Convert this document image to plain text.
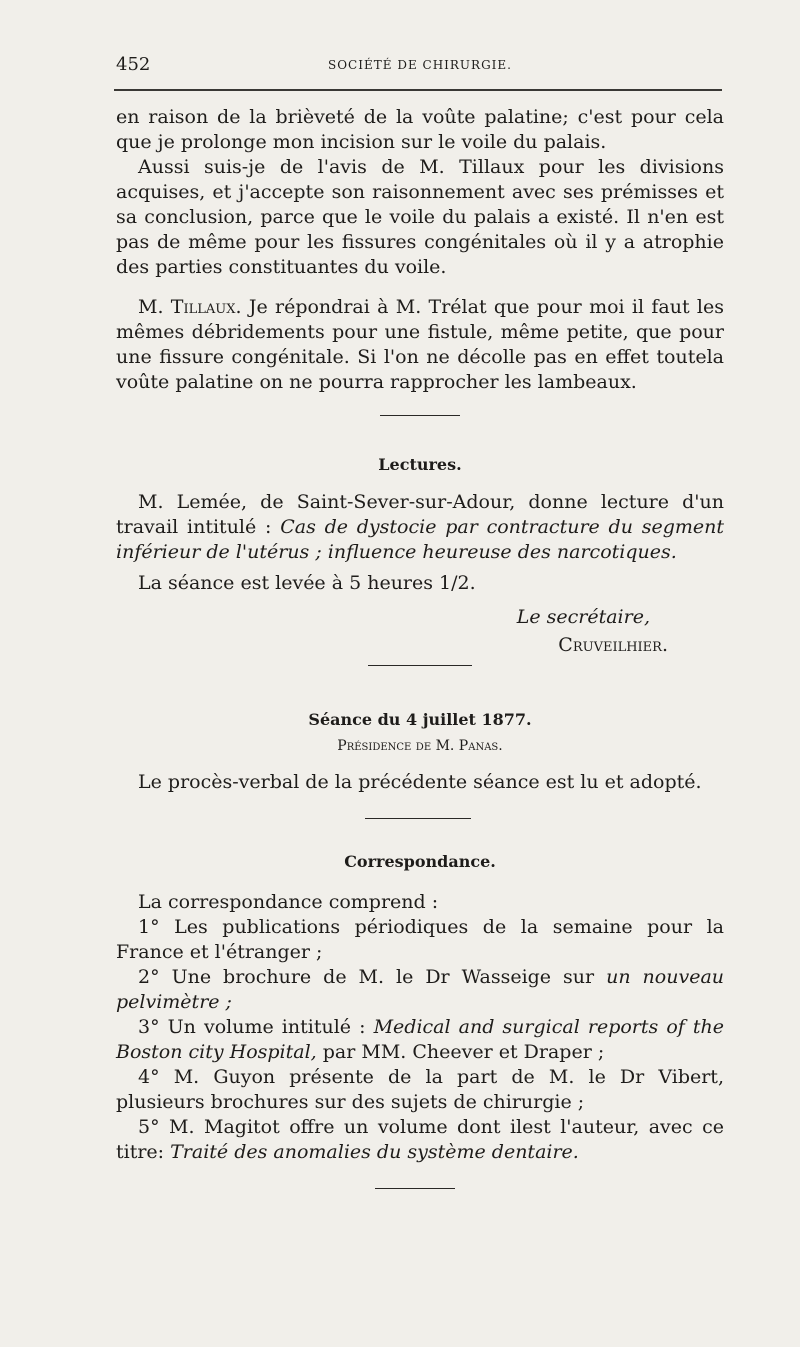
452	SOCIÉTÉ DE CHIRURGIE.

en raison de la brièveté de la voûte palatine; c'est pour cela que je prolonge mon incision sur le voile du palais.

Aussi suis-je de l'avis de M. Tillaux pour les divisions acquises, et j'accepte son raisonnement avec ses prémisses et sa conclusion, parce que le voile du palais a existé. Il n'en est pas de même pour les fissures congénitales où il y a atrophie des parties constituantes du voile.

M. Tillaux. Je répondrai à M. Trélat que pour moi il faut les mêmes débridements pour une fistule, même petite, que pour une fissure congénitale. Si l'on ne décolle pas en effet toutela voûte palatine on ne pourra rapprocher les lambeaux.

Lectures.

M. Lemée, de Saint-Sever-sur-Adour, donne lecture d'un travail intitulé : Cas de dystocie par contracture du segment inférieur de l'utérus ; influence heureuse des narcotiques.

La séance est levée à 5 heures 1/2.

Le secrétaire,
Cruveilhier.
Séance du 4 juillet 1877.
Présidence de M. Panas.

Le procès-verbal de la précédente séance est lu et adopté.

Correspondance.

La correspondance comprend :

1° Les publications périodiques de la semaine pour la France et l'étranger ;

2° Une brochure de M. le Dr Wasseige sur un nouveau pelvimètre ;

3° Un volume intitulé : Medical and surgical reports of the Boston city Hospital, par MM. Cheever et Draper ;

4° M. Guyon présente de la part de M. le Dr Vibert, plusieurs brochures sur des sujets de chirurgie ;

5° M. Magitot offre un volume dont ilest l'auteur, avec ce titre: Traité des anomalies du système dentaire.
